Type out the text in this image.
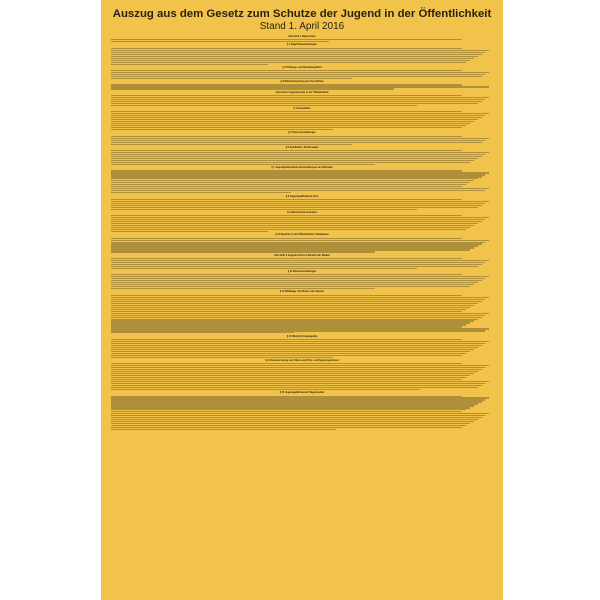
Auszug aus dem Gesetz zum Schutze der Jugend in der Öffentlichkeit

Stand 1. April 2016

Abschnitt 1 Allgemeines
§ 1 Begriffsbestimmungen
§ 2 Prüfungs- und Nachweispflicht
§ 3 Bekanntmachung der Vorschriften
Abschnitt 2 Jugendschutz in der Öffentlichkeit
§ 4 Gaststätten
§ 5 Tanzveranstaltungen
§ 6 Spielhallen, Glücksspiele
§ 7 Jugendgefährdende Veranstaltungen und Betriebe
§ 8 Jugendgefährdende Orte
§ 9 Alkoholische Getränke
§ 10 Rauchen in der Öffentlichkeit, Tabakwaren
Abschnitt 3 Jugendschutz im Bereich der Medien
§ 11 Filmveranstaltungen
§ 12 Bildträger mit Filmen oder Spielen
§ 13 Bildschirmspielgeräte
§ 14 Kennzeichnung von Filmen und Film- und Spielprogrammen
§ 15 Jugendgefährdende Trägermedien
